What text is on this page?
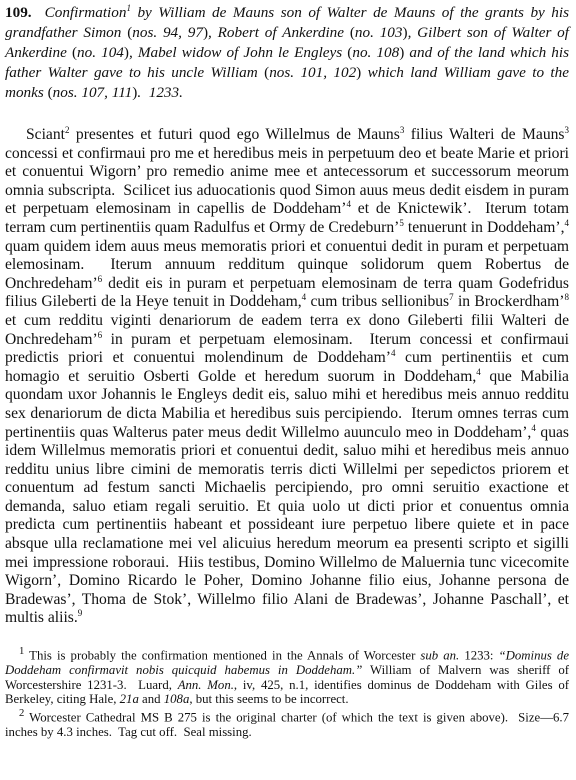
109. Confirmation$^1$ by William de Mauns son of Walter de Mauns of the grants by his grandfather Simon (nos. 94, 97), Robert of Ankerdine (no. 103), Gilbert son of Walter of Ankerdine (no. 104), Mabel widow of John le Engleys (no. 108) and of the land which his father Walter gave to his uncle William (nos. 101, 102) which land William gave to the monks (nos. 107, 111).  1233.

Sciant$^2$ presentes et futuri quod ego Willelmus de Mauns$^3$ filius Walteri de Mauns$^3$ concessi et confirmaui pro me et heredibus meis in perpetuum deo et beate Marie et priori et conuentui Wigorn’ pro remedio anime mee et antecessorum et successorum meorum omnia subscripta.  Scilicet ius aduocationis quod Simon auus meus dedit eisdem in puram et perpetuam elemosinam in capellis de Doddeham’$^4$ et de Knictewik’.  Iterum totam terram cum pertinentiis quam Radulfus et Ormy de Credeburn’$^5$ tenuerunt in Doddeham’,$^4$ quam quidem idem auus meus memoratis priori et conuentui dedit in puram et perpetuam elemosinam.  Iterum annuum redditum quinque solidorum quem Robertus de Onchredeham’$^6$ dedit eis in puram et perpetuam elemosinam de terra quam Godefridus filius Gileberti de la Heye tenuit in Doddeham,$^4$ cum tribus sellionibus$^7$ in Brockerdham’$^8$ et cum redditu viginti denariorum de eadem terra ex dono Gileberti filii Walteri de Onchredeham’$^6$ in puram et perpetuam elemosinam.  Iterum concessi et confirmaui predictis priori et conuentui molendinum de Doddeham’$^4$ cum pertinentiis et cum homagio et seruitio Osberti Golde et heredum suorum in Doddeham,$^4$ que Mabilia quondam uxor Johannis le Engleys dedit eis, saluo mihi et heredibus meis annuo redditu sex denariorum de dicta Mabilia et heredibus suis percipiendo.  Iterum omnes terras cum pertinentiis quas Walterus pater meus dedit Willelmo auunculo meo in Doddeham’,$^4$ quas idem Willelmus memoratis priori et conuentui dedit, saluo mihi et heredibus meis annuo redditu unius libre cimini de memoratis terris dicti Willelmi per sepedictos priorem et conuentum ad festum sancti Michaelis percipiendo, pro omni seruitio exactione et demanda, saluo etiam regali seruitio. Et quia uolo ut dicti prior et conuentus omnia predicta cum pertinentiis habeant et possideant iure perpetuo libere quiete et in pace absque ulla reclamatione mei vel alicuius heredum meorum ea presenti scripto et sigilli mei impressione roboraui.  Hiis testibus, Domino Willelmo de Maluernia tunc vicecomite Wigorn’, Domino Ricardo le Poher, Domino Johanne filio eius, Johanne persona de Bradewas’, Thoma de Stok’, Willelmo filio Alani de Bradewas’, Johanne Paschall’, et multis aliis.$^9$

$^1$ This is probably the confirmation mentioned in the Annals of Worcester sub an. 1233: “Dominus de Doddeham confirmavit nobis quicquid habemus in Doddeham.” William of Malvern was sheriff of Worcestershire 1231-3.  Luard, Ann. Mon., iv, 425, n.1, identifies dominus de Doddeham with Giles of Berkeley, citing Hale, 21a and 108a, but this seems to be incorrect.

$^2$ Worcester Cathedral MS B 275 is the original charter (of which the text is given above).  Size—6.7 inches by 4.3 inches.  Tag cut off.  Seal missing.
